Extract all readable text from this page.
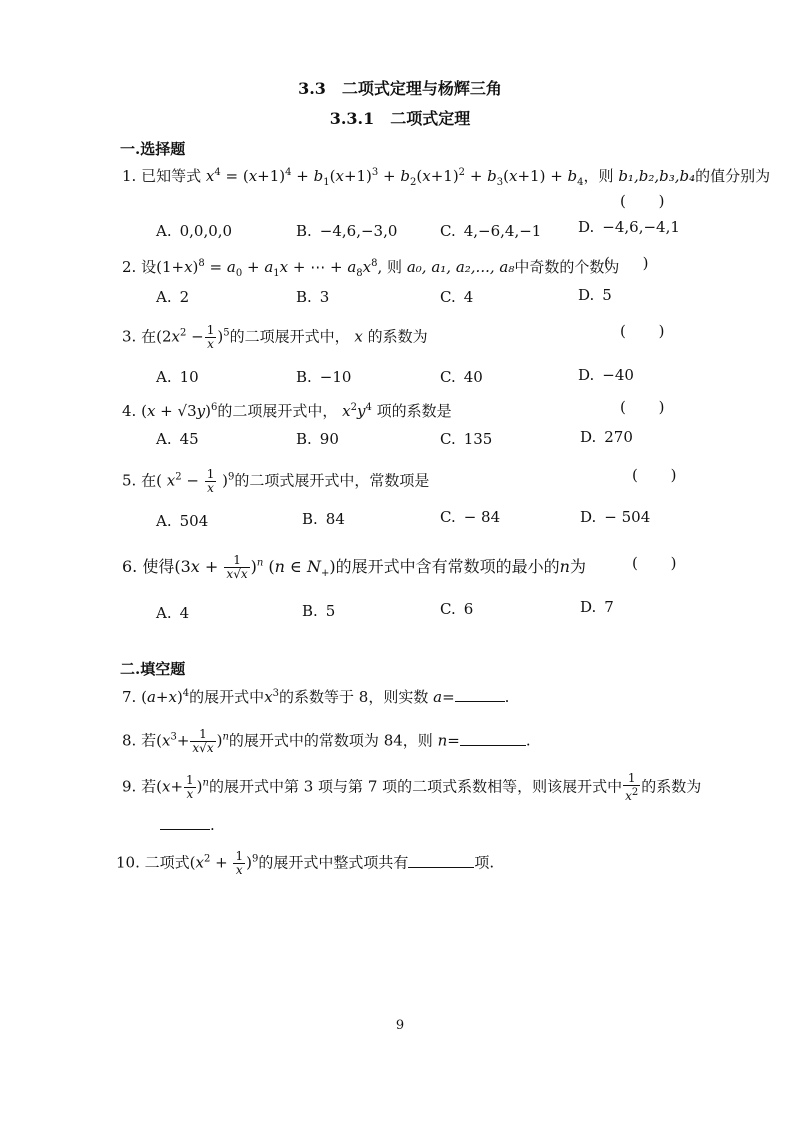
3.3　二项式定理与杨辉三角
3.3.1　二项式定理
一.选择题
1. 已知等式 $x^4 = (x+1)^4 + b_1(x+1)^3 + b_2(x+1)^2 + b_3(x+1) + b_4$，则 b₁,b₂,b₃,b₄的值分别为
( )
A. 0,0,0,0	B. −4,6,−3,0	C. 4,−6,4,−1 D. −4,6,−4,1
2. 设$(1+x)^8 = a_0 + a_1x$ + ⋯ + $a_8x^8$, 则 a₀, a₁, a₂,..., a₈中奇数的个数为
( )
A. 2	B. 3	C. 4	D. 5
3. 在$(2x^2 - \frac{1}{x} )^5$的二项展开式中， x 的系数为	( )
A. 10	B. −10	C. 40	D. −40
4. $(x + √3y)^6$的二项展开式中， $x^2y^4$ 项的系数是	( )
A. 45	B. 90	C. 135	D. 270
5. 在( $x^2 - \frac{1}{x} )^9$的二项式展开式中，常数项是	( )
A. 504	B. 84	C. − 84	D. − 504
6. 使得$(3x + \frac{1}{x√x} )^n$ (n ∈ $N_+$)的展开式中含有常数项的最小的n为	( )
A. 4	B. 5	C. 6	D. 7
二.填空题
7. $(a+x)^4$的展开式中$x^3$的系数等于 8，则实数 a=	.
8. 若$(x^3+ \frac{1}{x√x} )^n$的展开式中的常数项为 84，则 n=	.
9. 若$(x+ \frac{1}{x} )^n$的展开式中第 3 项与第 7 项的二项式系数相等，则该展开式中 $\frac{1}{x^2}$ 的系数为
.
10. 二项式$(x^2 + \frac{1}{x} )^9$的展开式中整式项共有	项.
9
